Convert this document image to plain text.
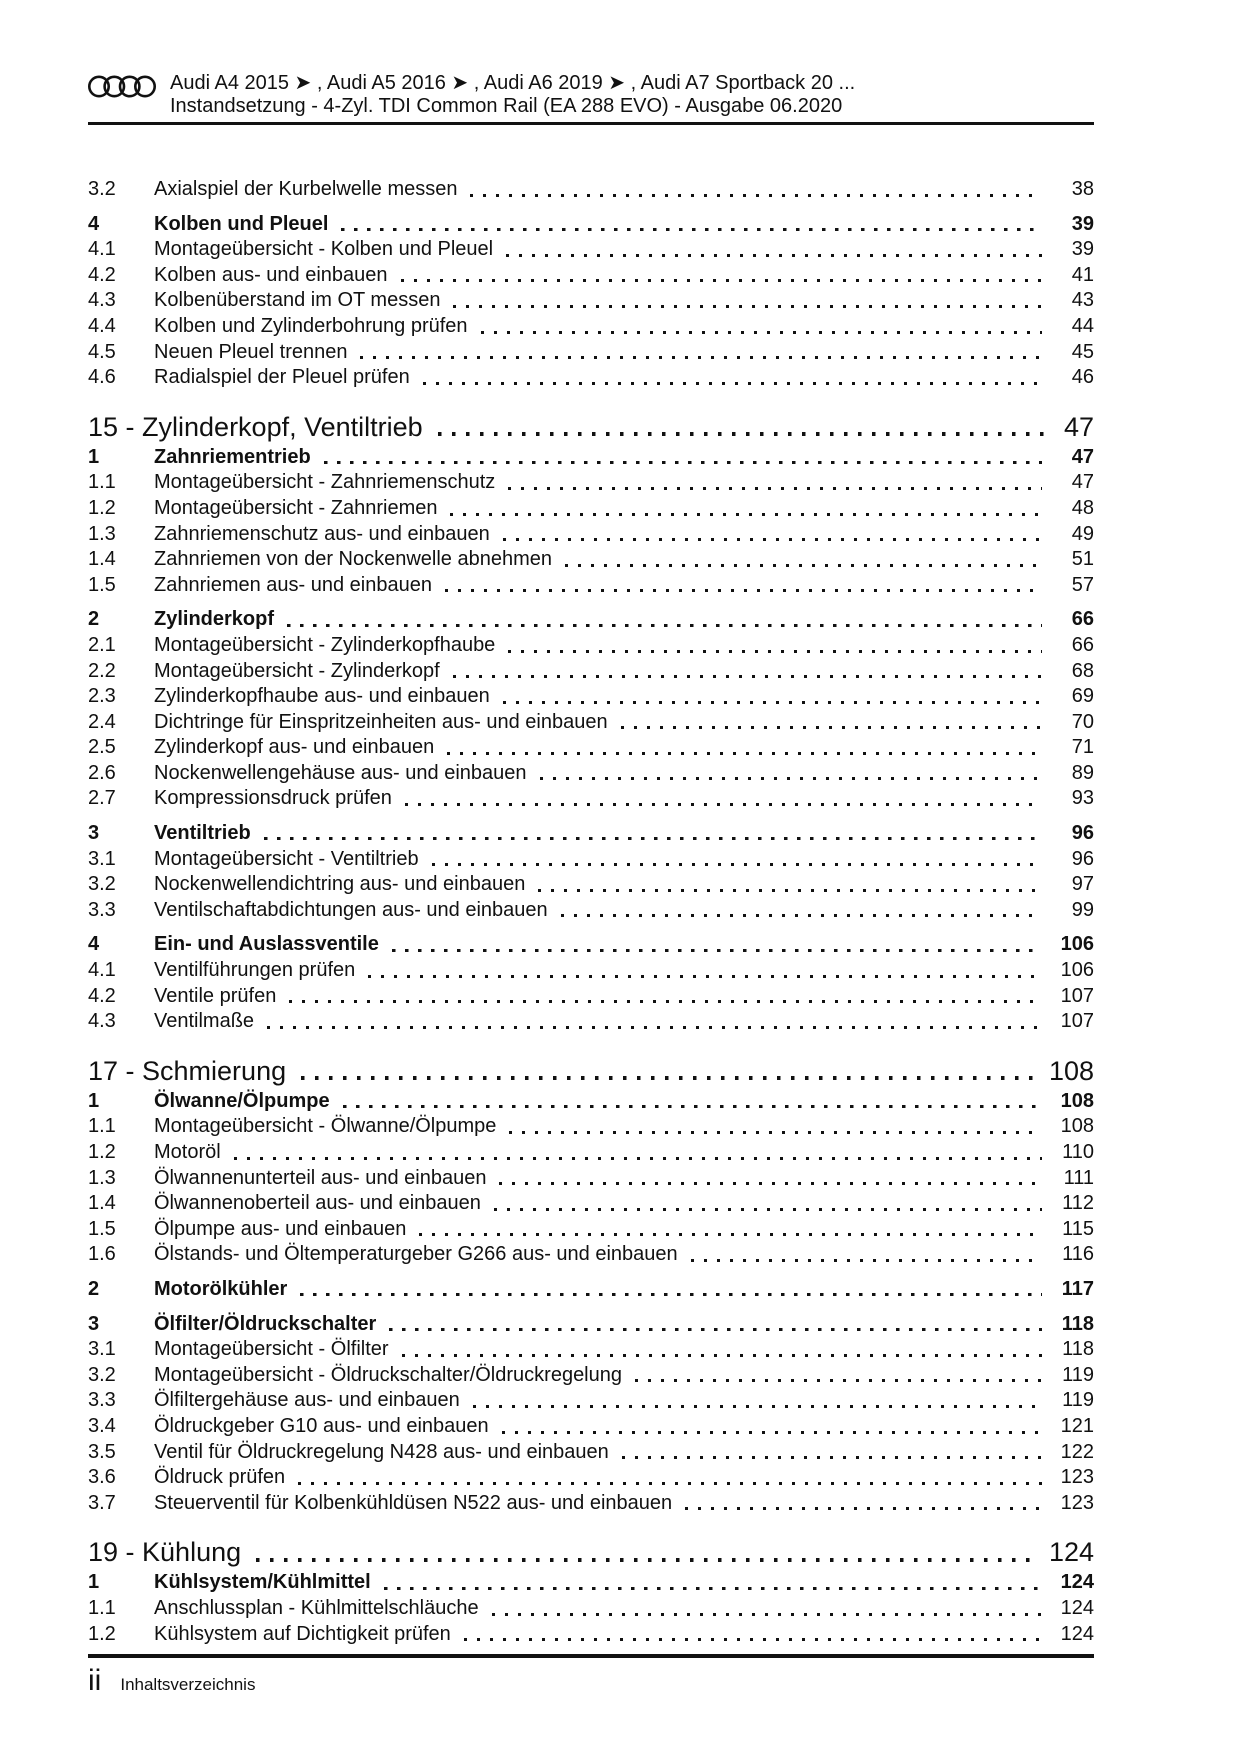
Audi A4 2015 ➤ , Audi A5 2016 ➤ , Audi A6 2019 ➤ , Audi A7 Sportback 20 ...
Instandsetzung - 4-Zyl. TDI Common Rail (EA 288 EVO) - Ausgabe 06.2020
3.2	Axialspiel der Kurbelwelle messen	38
4	Kolben und Pleuel	39
4.1	Montageübersicht - Kolben und Pleuel	39
4.2	Kolben aus- und einbauen	41
4.3	Kolbenüberstand im OT messen	43
4.4	Kolben und Zylinderbohrung prüfen	44
4.5	Neuen Pleuel trennen	45
4.6	Radialspiel der Pleuel prüfen	46
15 - Zylinderkopf, Ventiltrieb	47
1	Zahnriementrieb	47
1.1	Montageübersicht - Zahnriemenschutz	47
1.2	Montageübersicht - Zahnriemen	48
1.3	Zahnriemenschutz aus- und einbauen	49
1.4	Zahnriemen von der Nockenwelle abnehmen	51
1.5	Zahnriemen aus- und einbauen	57
2	Zylinderkopf	66
2.1	Montageübersicht - Zylinderkopfhaube	66
2.2	Montageübersicht - Zylinderkopf	68
2.3	Zylinderkopfhaube aus- und einbauen	69
2.4	Dichtringe für Einspritzeinheiten aus- und einbauen	70
2.5	Zylinderkopf aus- und einbauen	71
2.6	Nockenwellengehäuse aus- und einbauen	89
2.7	Kompressionsdruck prüfen	93
3	Ventiltrieb	96
3.1	Montageübersicht - Ventiltrieb	96
3.2	Nockenwellendichtring aus- und einbauen	97
3.3	Ventilschaftabdichtungen aus- und einbauen	99
4	Ein- und Auslassventile	106
4.1	Ventilführungen prüfen	106
4.2	Ventile prüfen	107
4.3	Ventilmaße	107
17 - Schmierung	108
1	Ölwanne/Ölpumpe	108
1.1	Montageübersicht - Ölwanne/Ölpumpe	108
1.2	Motoröl	110
1.3	Ölwannenunterteil aus- und einbauen	111
1.4	Ölwannenoberteil aus- und einbauen	112
1.5	Ölpumpe aus- und einbauen	115
1.6	Ölstands- und Öltemperaturgeber G266 aus- und einbauen	116
2	Motorölkühler	117
3	Ölfilter/Öldruckschalter	118
3.1	Montageübersicht - Ölfilter	118
3.2	Montageübersicht - Öldruckschalter/Öldruckregelung	119
3.3	Ölfiltergehäuse aus- und einbauen	119
3.4	Öldruckgeber G10 aus- und einbauen	121
3.5	Ventil für Öldruckregelung N428 aus- und einbauen	122
3.6	Öldruck prüfen	123
3.7	Steuerventil für Kolbenkühldüsen N522 aus- und einbauen	123
19 - Kühlung	124
1	Kühlsystem/Kühlmittel	124
1.1	Anschlussplan - Kühlmittelschläuche	124
1.2	Kühlsystem auf Dichtigkeit prüfen	124
ii Inhaltsverzeichnis
